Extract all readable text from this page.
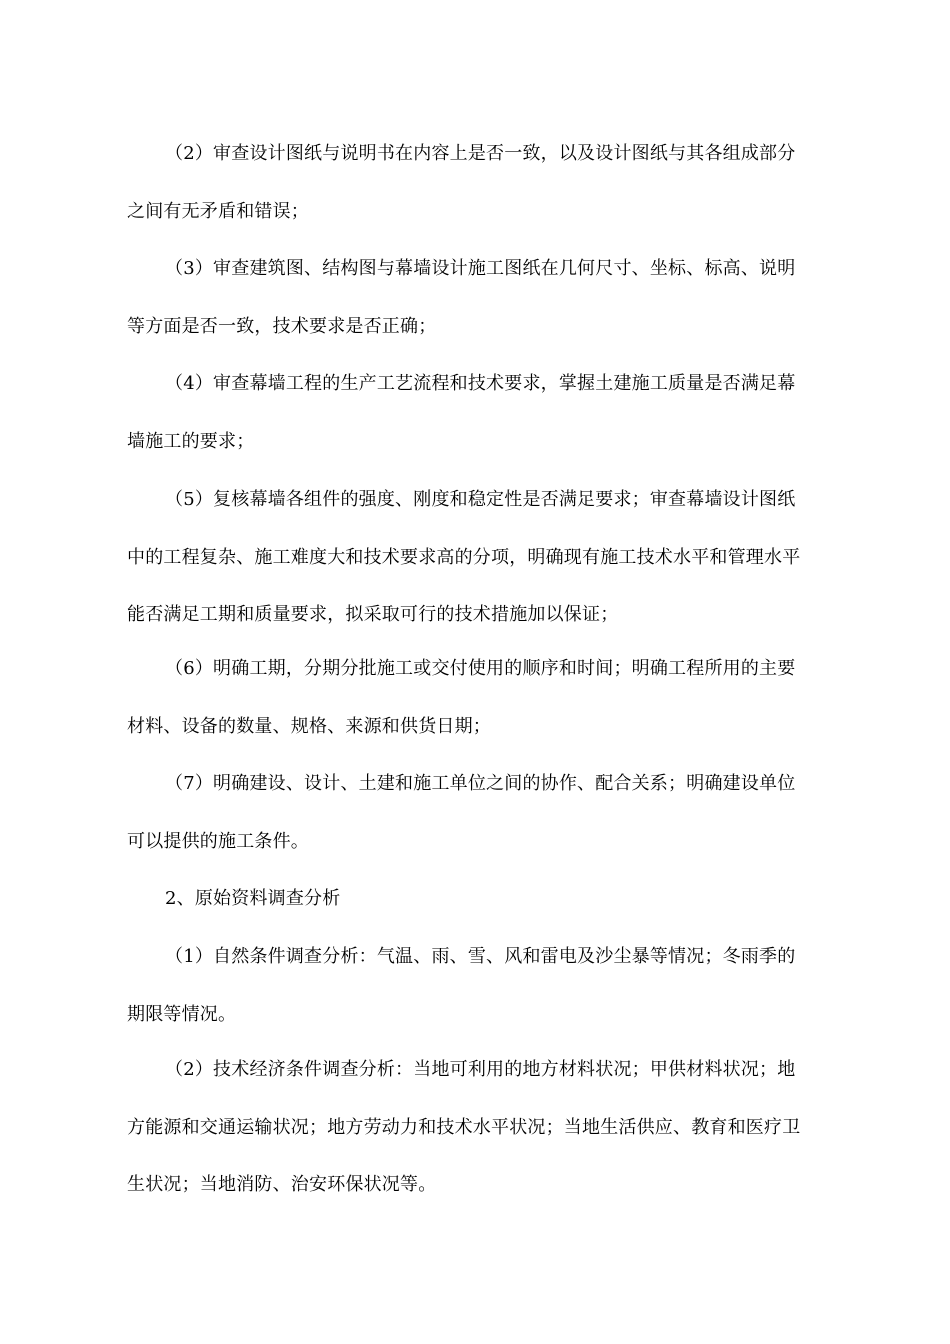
（2）审查设计图纸与说明书在内容上是否一致，以及设计图纸与其各组成部分
之间有无矛盾和错误；
（3）审查建筑图、结构图与幕墙设计施工图纸在几何尺寸、坐标、标高、说明
等方面是否一致，技术要求是否正确；
（4）审查幕墙工程的生产工艺流程和技术要求，掌握土建施工质量是否满足幕
墙施工的要求；
（5）复核幕墙各组件的强度、刚度和稳定性是否满足要求；审查幕墙设计图纸
中的工程复杂、施工难度大和技术要求高的分项，明确现有施工技术水平和管理水平
能否满足工期和质量要求，拟采取可行的技术措施加以保证；
（6）明确工期，分期分批施工或交付使用的顺序和时间；明确工程所用的主要
材料、设备的数量、规格、来源和供货日期；
（7）明确建设、设计、土建和施工单位之间的协作、配合关系；明确建设单位
可以提供的施工条件。
2、原始资料调查分析
（1）自然条件调查分析：气温、雨、雪、风和雷电及沙尘暴等情况；冬雨季的
期限等情况。
（2）技术经济条件调查分析：当地可利用的地方材料状况；甲供材料状况；地
方能源和交通运输状况；地方劳动力和技术水平状况；当地生活供应、教育和医疗卫
生状况；当地消防、治安环保状况等。
